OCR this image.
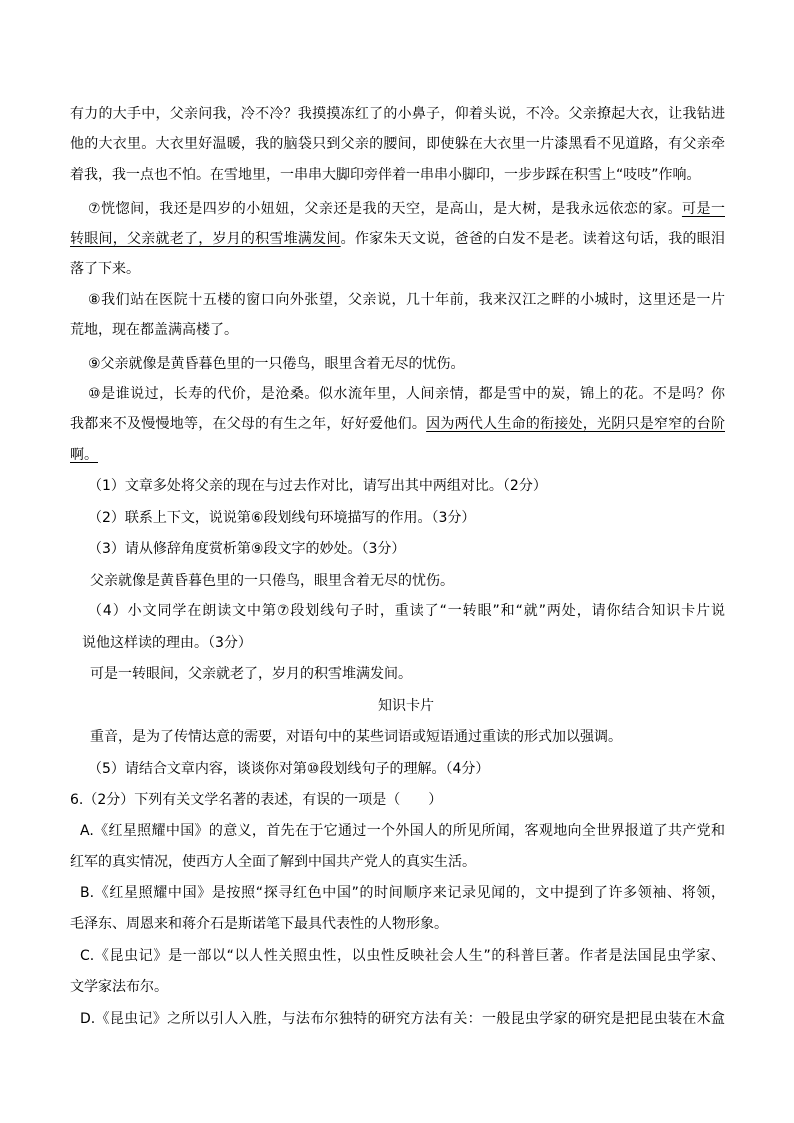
有力的大手中，父亲问我，冷不冷？我摸摸冻红了的小鼻子，仰着头说，不冷。父亲撩起大衣，让我钻进
他的大衣里。大衣里好温暖，我的脑袋只到父亲的腰间，即使躲在大衣里一片漆黑看不见道路，有父亲牵
着我，我一点也不怕。在雪地里，一串串大脚印旁伴着一串串小脚印，一步步踩在积雪上“吱吱”作响。
⑦恍惚间，我还是四岁的小妞妞，父亲还是我的天空，是高山，是大树，是我永远依恋的家。可是一
转眼间，父亲就老了，岁月的积雪堆满发间。作家朱天文说，爸爸的白发不是老。读着这句话，我的眼泪
落了下来。
⑧我们站在医院十五楼的窗口向外张望，父亲说，几十年前，我来汉江之畔的小城时，这里还是一片
荒地，现在都盖满高楼了。
⑨父亲就像是黄昏暮色里的一只倦鸟，眼里含着无尽的忧伤。
⑩是谁说过，长寿的代价，是沧桑。似水流年里，人间亲情，都是雪中的炭，锦上的花。不是吗？你
我都来不及慢慢地等，在父母的有生之年，好好爱他们。因为两代人生命的衔接处，光阴只是窄窄的台阶
啊。
（1）文章多处将父亲的现在与过去作对比，请写出其中两组对比。（2分）
（2）联系上下文，说说第⑥段划线句环境描写的作用。（3分）
（3）请从修辞角度赏析第⑨段文字的妙处。（3分）
父亲就像是黄昏暮色里的一只倦鸟，眼里含着无尽的忧伤。
（4）小文同学在朗读文中第⑦段划线句子时，重读了“一转眼”和“就”两处，请你结合知识卡片说
说他这样读的理由。（3分）
可是一转眼间，父亲就老了，岁月的积雪堆满发间。
知识卡片
重音，是为了传情达意的需要，对语句中的某些词语或短语通过重读的形式加以强调。
（5）请结合文章内容，谈谈你对第⑩段划线句子的理解。（4分）
6.（2分）下列有关文学名著的表述，有误的一项是（　　）
A.《红星照耀中国》的意义，首先在于它通过一个外国人的所见所闻，客观地向全世界报道了共产党和
红军的真实情况，使西方人全面了解到中国共产党人的真实生活。
B.《红星照耀中国》是按照“探寻红色中国”的时间顺序来记录见闻的，文中提到了许多领袖、将领，
毛泽东、周恩来和蒋介石是斯诺笔下最具代表性的人物形象。
C.《昆虫记》是一部以“以人性关照虫性，以虫性反映社会人生”的科普巨著。作者是法国昆虫学家、
文学家法布尔。
D.《昆虫记》之所以引人入胜，与法布尔独特的研究方法有关：一般昆虫学家的研究是把昆虫装在木盒
